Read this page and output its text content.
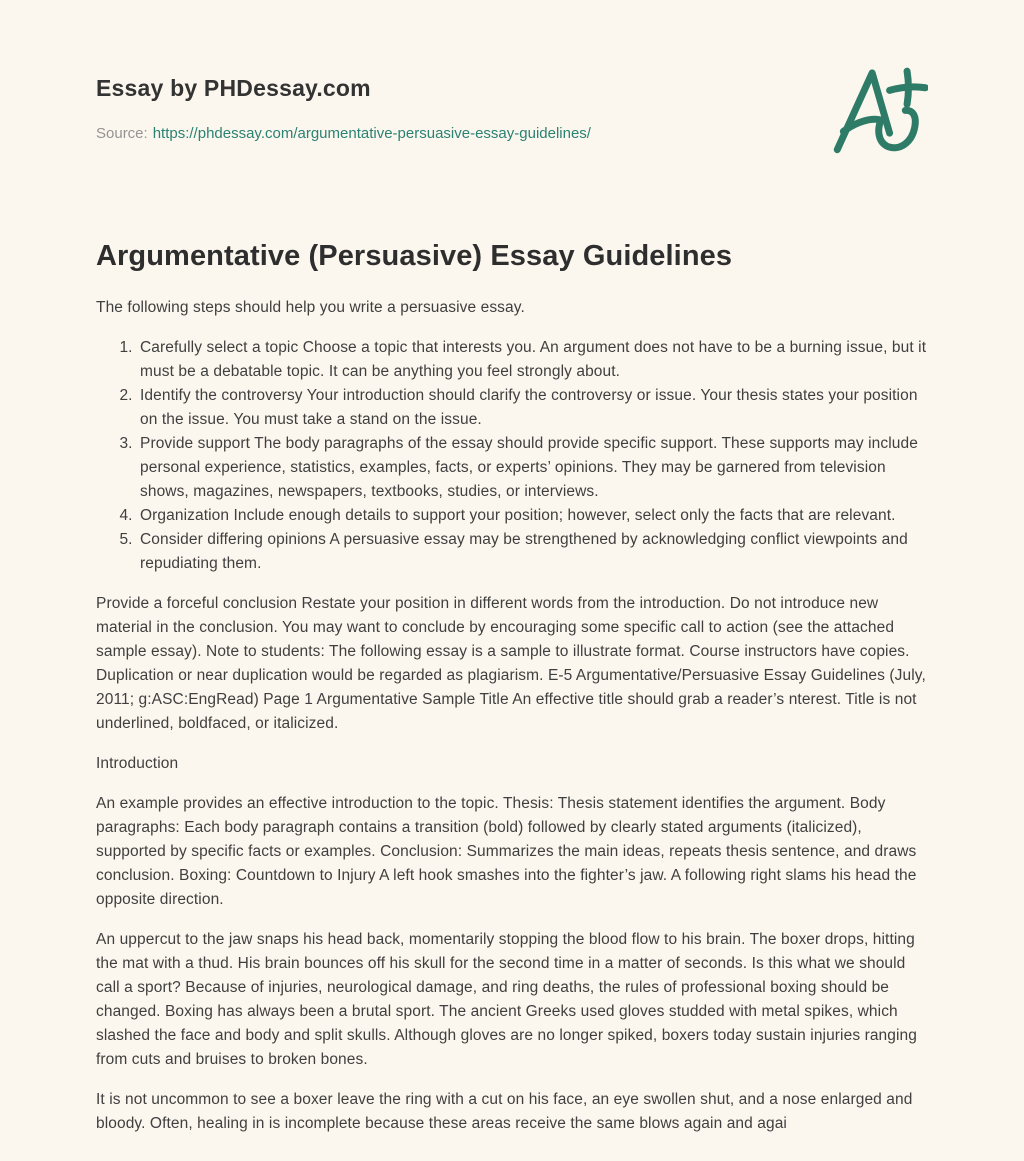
Essay by PHDessay.com
Source: https://phdessay.com/argumentative-persuasive-essay-guidelines/
Argumentative (Persuasive) Essay Guidelines

The following steps should help you write a persuasive essay.

1. Carefully select a topic Choose a topic that interests you. An argument does not have to be a burning issue, but it must be a debatable topic. It can be anything you feel strongly about.
2. Identify the controversy Your introduction should clarify the controversy or issue. Your thesis states your position on the issue. You must take a stand on the issue.
3. Provide support The body paragraphs of the essay should provide specific support. These supports may include personal experience, statistics, examples, facts, or experts’ opinions. They may be garnered from television shows, magazines, newspapers, textbooks, studies, or interviews.
4. Organization Include enough details to support your position; however, select only the facts that are relevant.
5. Consider differing opinions A persuasive essay may be strengthened by acknowledging conflict viewpoints and repudiating them.

Provide a forceful conclusion Restate your position in different words from the introduction. Do not introduce new material in the conclusion. You may want to conclude by encouraging some specific call to action (see the attached sample essay). Note to students: The following essay is a sample to illustrate format. Course instructors have copies. Duplication or near duplication would be regarded as plagiarism. E-5 Argumentative/Persuasive Essay Guidelines (July, 2011; g:ASC:EngRead) Page 1 Argumentative Sample Title An effective title should grab a reader’s nterest. Title is not underlined, boldfaced, or italicized.

Introduction

An example provides an effective introduction to the topic. Thesis: Thesis statement identifies the argument. Body paragraphs: Each body paragraph contains a transition (bold) followed by clearly stated arguments (italicized), supported by specific facts or examples. Conclusion: Summarizes the main ideas, repeats thesis sentence, and draws conclusion. Boxing: Countdown to Injury A left hook smashes into the fighter’s jaw. A following right slams his head the opposite direction.

An uppercut to the jaw snaps his head back, momentarily stopping the blood flow to his brain. The boxer drops, hitting the mat with a thud. His brain bounces off his skull for the second time in a matter of seconds. Is this what we should call a sport? Because of injuries, neurological damage, and ring deaths, the rules of professional boxing should be changed. Boxing has always been a brutal sport. The ancient Greeks used gloves studded with metal spikes, which slashed the face and body and split skulls. Although gloves are no longer spiked, boxers today sustain injuries ranging from cuts and bruises to broken bones.

It is not uncommon to see a boxer leave the ring with a cut on his face, an eye swollen shut, and a nose enlarged and bloody. Often, healing in is incomplete because these areas receive the same blows again and agai
